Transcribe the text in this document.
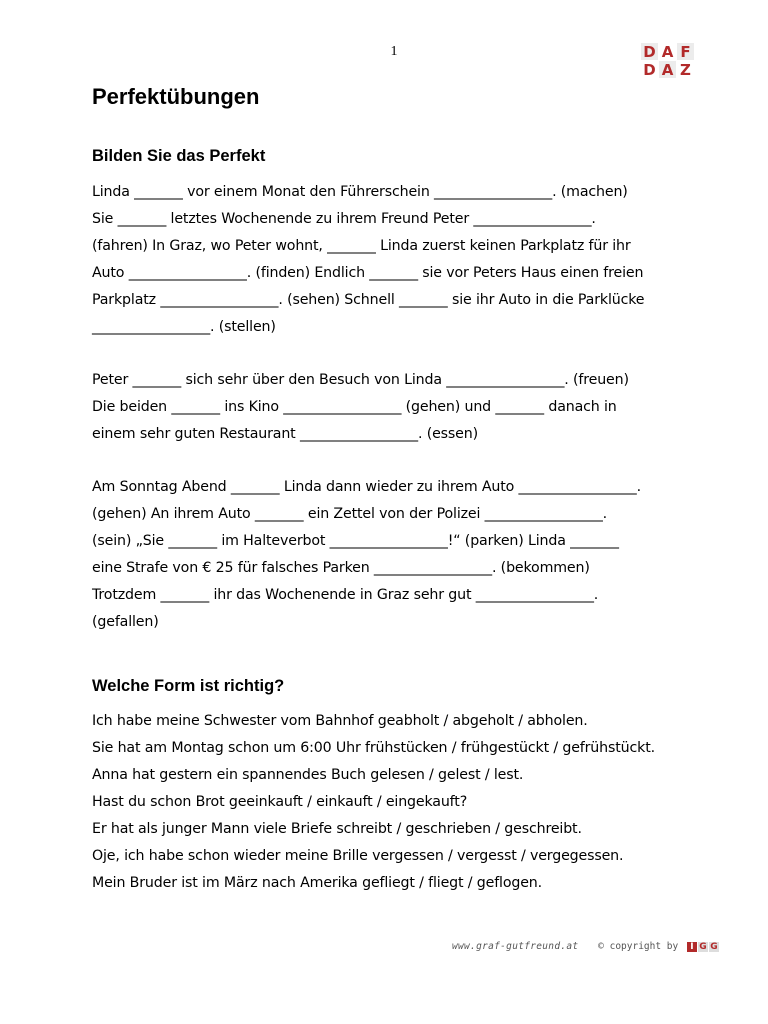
1	D A F
D A Z
Perfektübungen
Bilden Sie das Perfekt
Linda _______ vor einem Monat den Führerschein _________________. (machen)
Sie _______ letztes Wochenende zu ihrem Freund Peter _________________.
(fahren) In Graz, wo Peter wohnt, _______ Linda zuerst keinen Parkplatz für ihr
Auto _________________. (finden) Endlich _______ sie vor Peters Haus einen freien
Parkplatz _________________. (sehen) Schnell _______ sie ihr Auto in die Parklücke
_________________. (stellen)
Peter _______ sich sehr über den Besuch von Linda _________________. (freuen)
Die beiden _______ ins Kino _________________ (gehen) und _______ danach in
einem sehr guten Restaurant _________________. (essen)
Am Sonntag Abend _______ Linda dann wieder zu ihrem Auto _________________.
(gehen) An ihrem Auto _______ ein Zettel von der Polizei _________________.
(sein) „Sie _______ im Halteverbot _________________!“ (parken) Linda _______
eine Strafe von € 25 für falsches Parken _________________. (bekommen)
Trotzdem _______ ihr das Wochenende in Graz sehr gut _________________.
(gefallen)
Welche Form ist richtig?
Ich habe meine Schwester vom Bahnhof geabholt / abgeholt / abholen.
Sie hat am Montag schon um 6:00 Uhr frühstücken / frühgestückt / gefrühstückt.
Anna hat gestern ein spannendes Buch gelesen / gelest / lest.
Hast du schon Brot geeinkauft / einkauft / eingekauft?
Er hat als junger Mann viele Briefe schreibt / geschrieben / geschreibt.
Oje, ich habe schon wieder meine Brille vergessen / vergesst / vergegessen.
Mein Bruder ist im März nach Amerika gefliegt / fliegt / geflogen.
www.graf-gutfreund.at © copyright by	I G G
